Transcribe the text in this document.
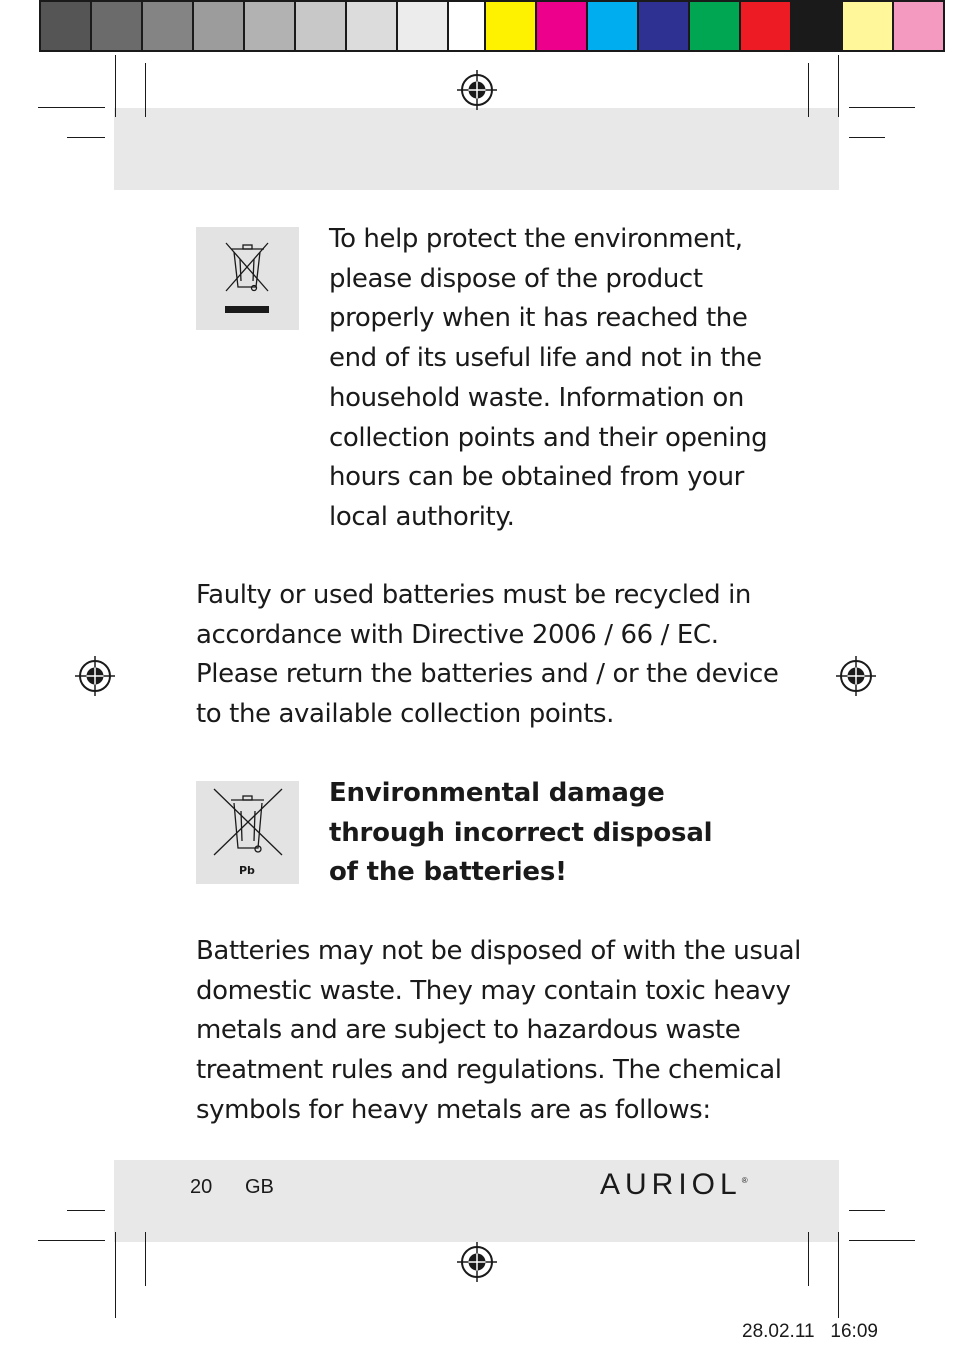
To help protect the environment,
please dispose of the product
properly when it has reached the
end of its useful life and not in the
household waste. Information on
collection points and their opening
hours can be obtained from your
local authority.
Faulty or used batteries must be recycled in
accordance with Directive 2006 / 66 / EC.
Please return the batteries and / or the device
to the available collection points.
Pb
Environmental damage
through incorrect disposal
of the batteries!
Batteries may not be disposed of with the usual
domestic waste. They may contain toxic heavy
metals and are subject to hazardous waste
treatment rules and regulations. The chemical
symbols for heavy metals are as follows:
20 GB	AURIOL®
28.02.11 16:09
